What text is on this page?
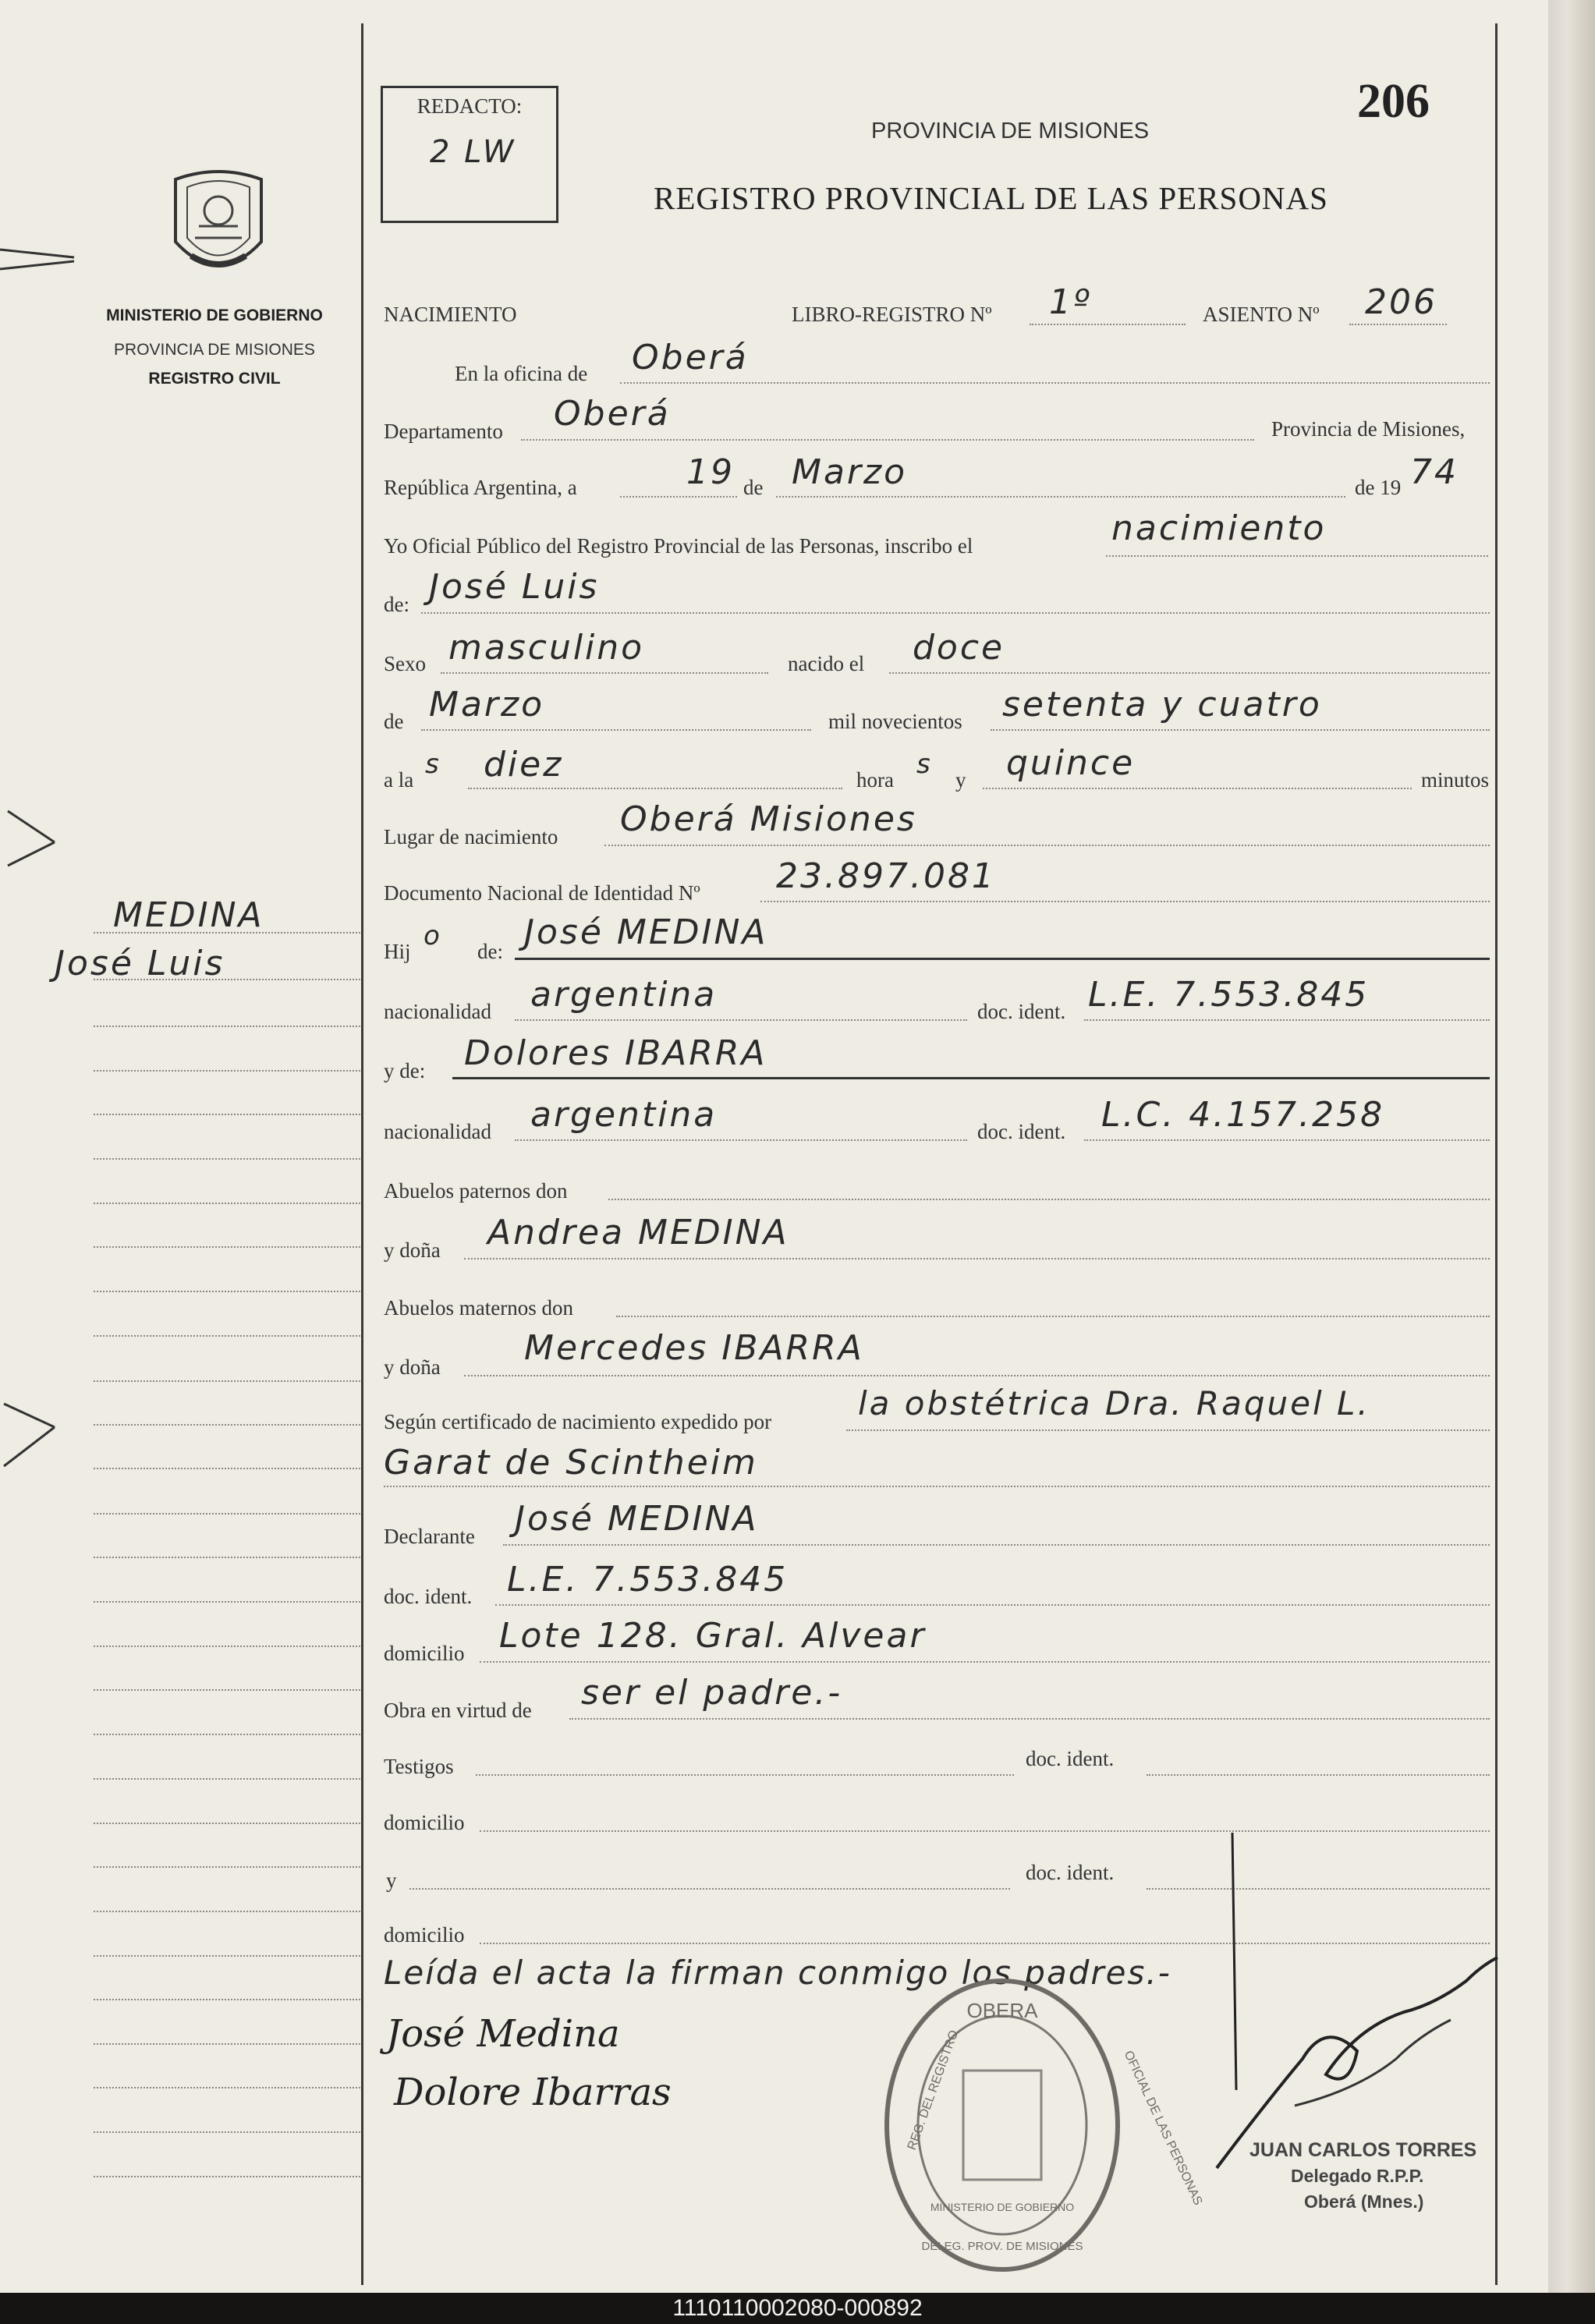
MISIONES
MINISTERIO DE GOBIERNO
PROVINCIA DE MISIONES
REGISTRO CIVIL
REDACTO:
2 LW
206
PROVINCIA DE MISIONES
REGISTRO PROVINCIAL DE LAS PERSONAS
MEDINA
José Luis
NACIMIENTO	LIBRO-REGISTRO Nº 1º	ASIENTO Nº 206
En la oficina de Oberá
Departamento Oberá	Provincia de Misiones,
República Argentina, a	19 de Marzo	de 19 74
Yo Oficial Público del Registro Provincial de las Personas, inscribo el	nacimiento
de: José Luis
Sexo masculino	nacido el doce
de Marzo	mil novecientos setenta y cuatro
a la s diez	hora s y quince	minutos
Lugar de nacimiento Oberá Misiones
Documento Nacional de Identidad Nº 23.897.081
Hij o de: José MEDINA
nacionalidad argentina	doc. ident. L.E. 7.553.845
y de: Dolores IBARRA
nacionalidad argentina	doc. ident. L.C. 4.157.258
Abuelos paternos don
y doña Andrea MEDINA
Abuelos maternos don
y doña Mercedes IBARRA
Según certificado de nacimiento expedido por	la obstétrica Dra. Raquel L.
Garat de Scintheim
Declarante José MEDINA
doc. ident. L.E. 7.553.845
domicilio Lote 128. Gral. Alvear
Obra en virtud de ser el padre.-
Testigos	doc. ident.
domicilio
y	doc. ident.
domicilio
Leída el acta la firman conmigo los padres.-
José Medina
Dolore Ibarras
OBERA
REG. DEL REGISTRO	OFICIAL DE LAS PERSONAS
MINISTERIO DE GOBIERNO
DELEG. PROV. DE MISIONES
JUAN CARLOS TORRES
Delegado R.P.P.
Oberá (Mnes.)
1110110002080-000892
